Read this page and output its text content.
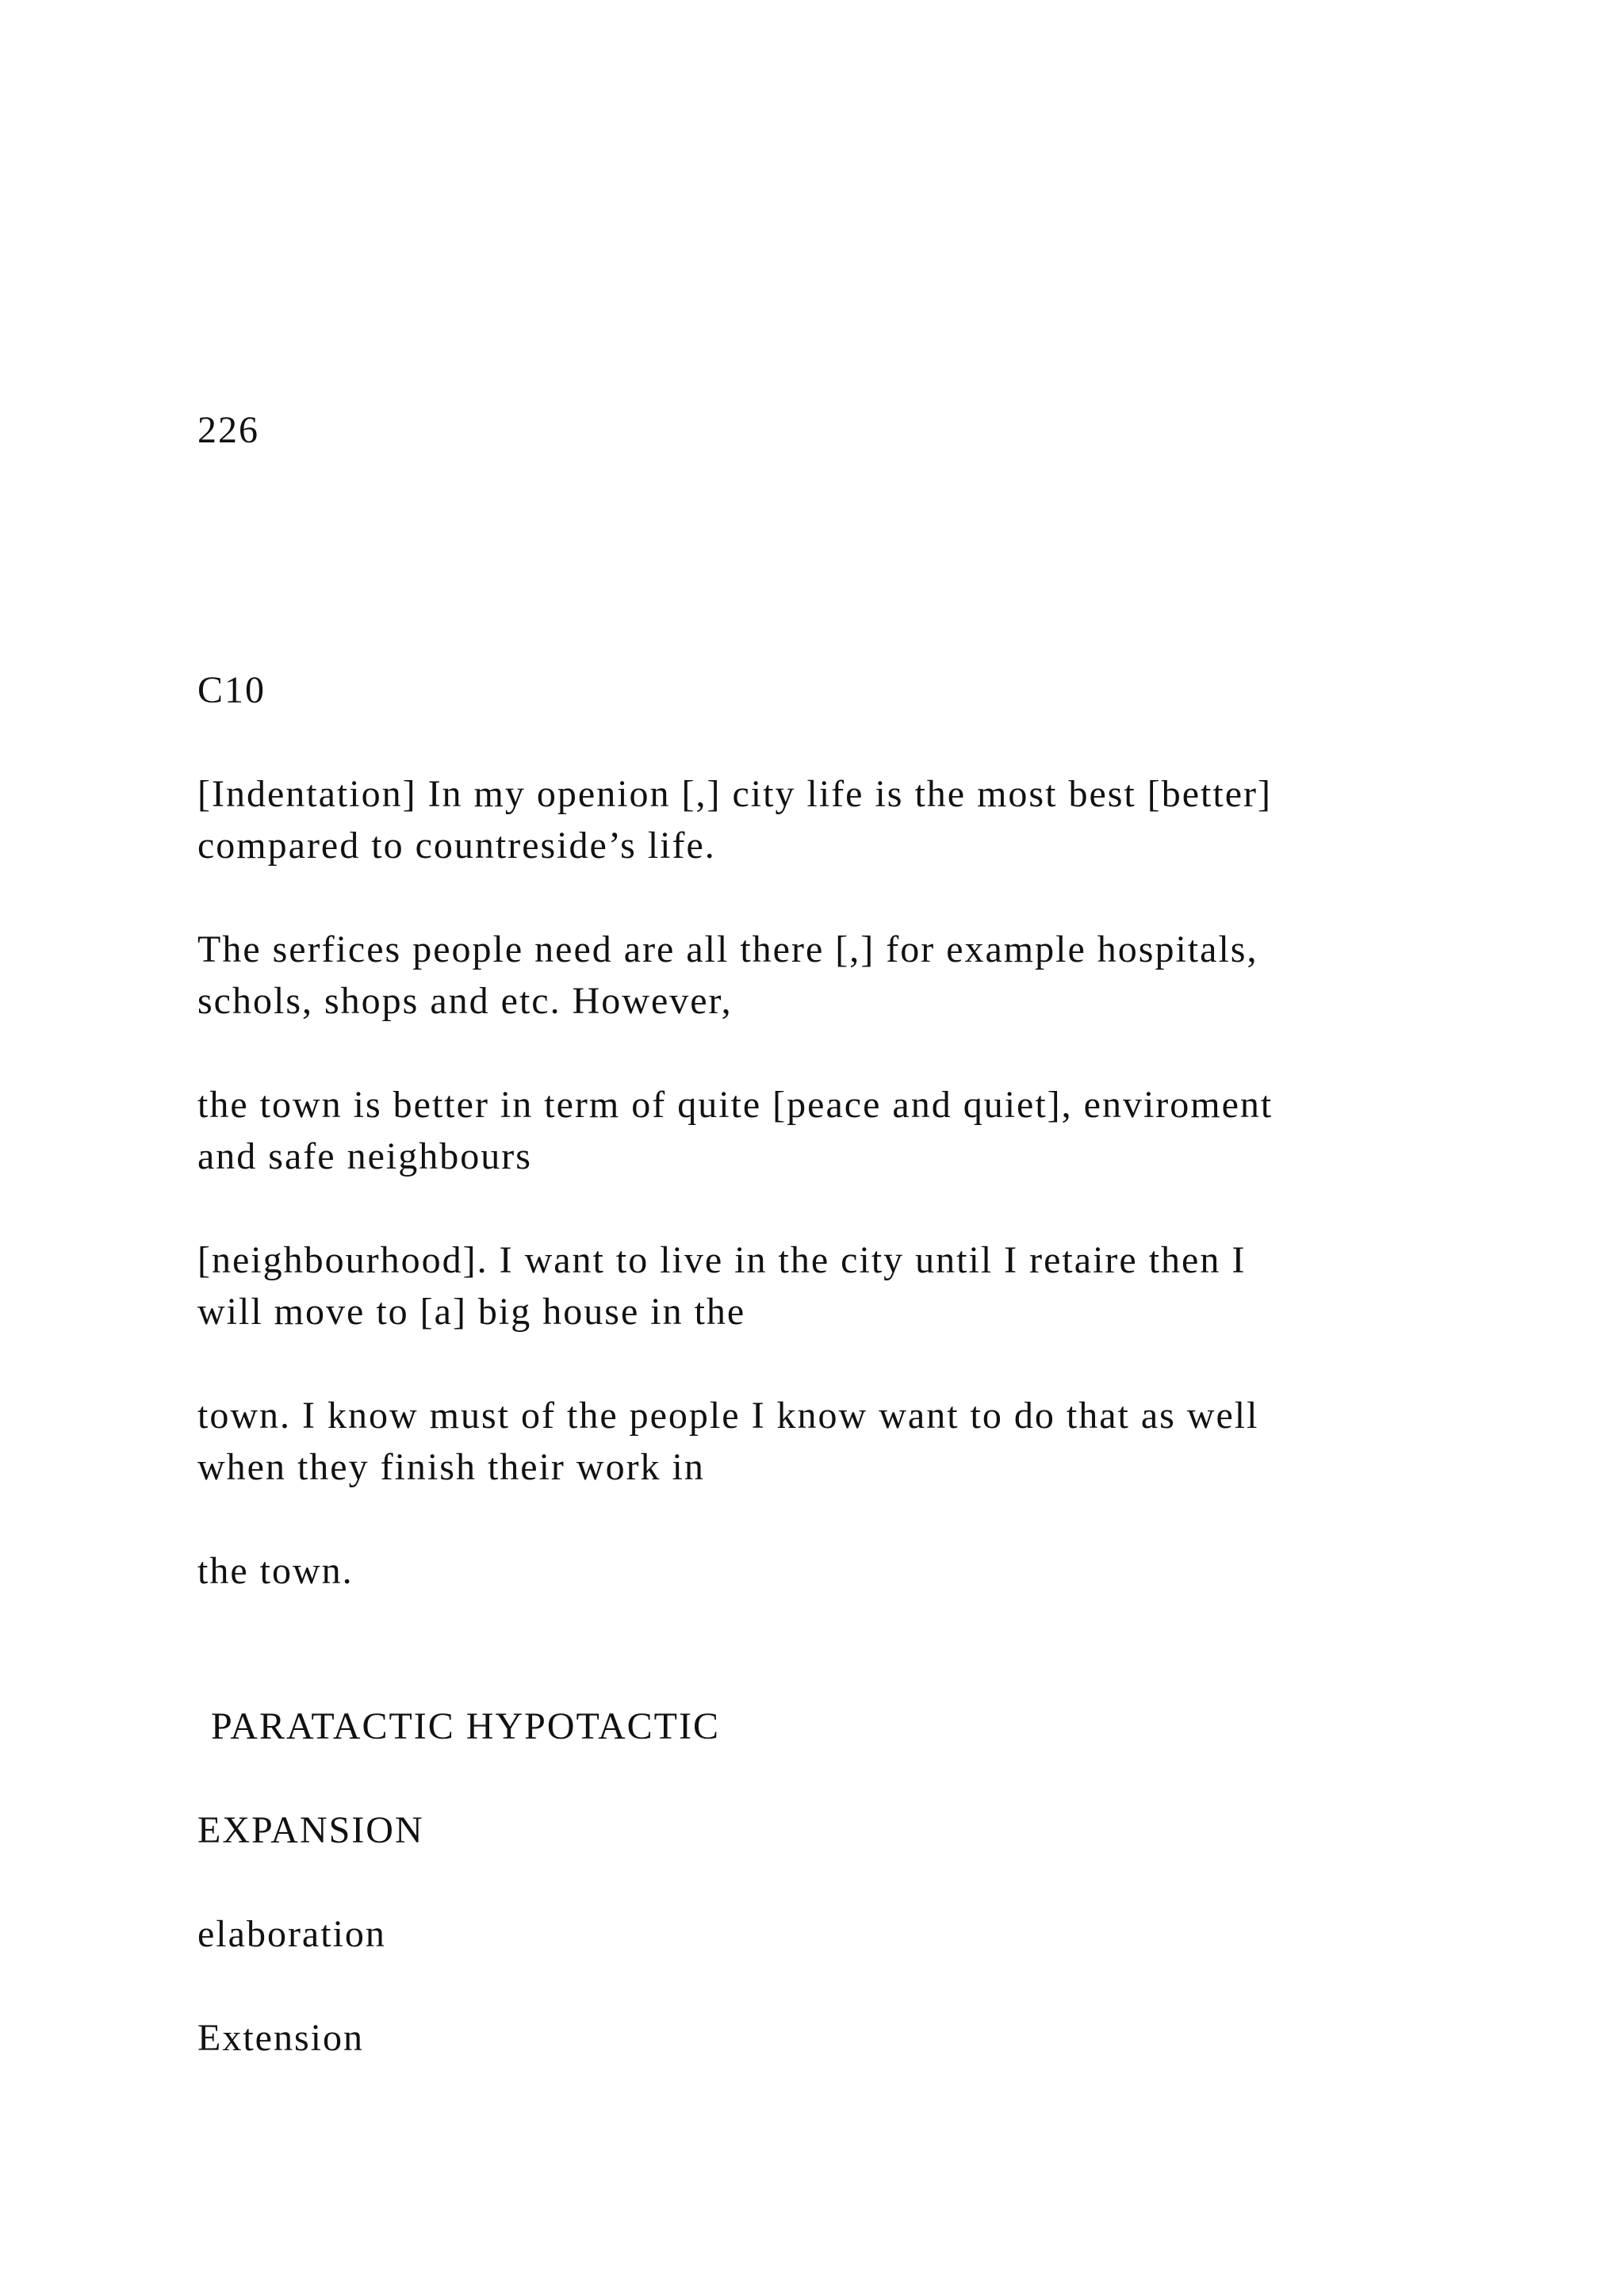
226

C10

[Indentation] In my openion [,] city life is the most best [better]

compared to countreside’s life.

The serfices people need are all there [,] for example hospitals,

schols, shops and etc. However,

the town is better in term of quite [peace and quiet], enviroment

and safe neighbours

[neighbourhood]. I want to live in the city until I retaire then I

will move to [a] big house in the

town. I know must of the people I know want to do that as well

when they finish their work in

the town.

PARATACTIC HYPOTACTIC

EXPANSION

elaboration

Extension
